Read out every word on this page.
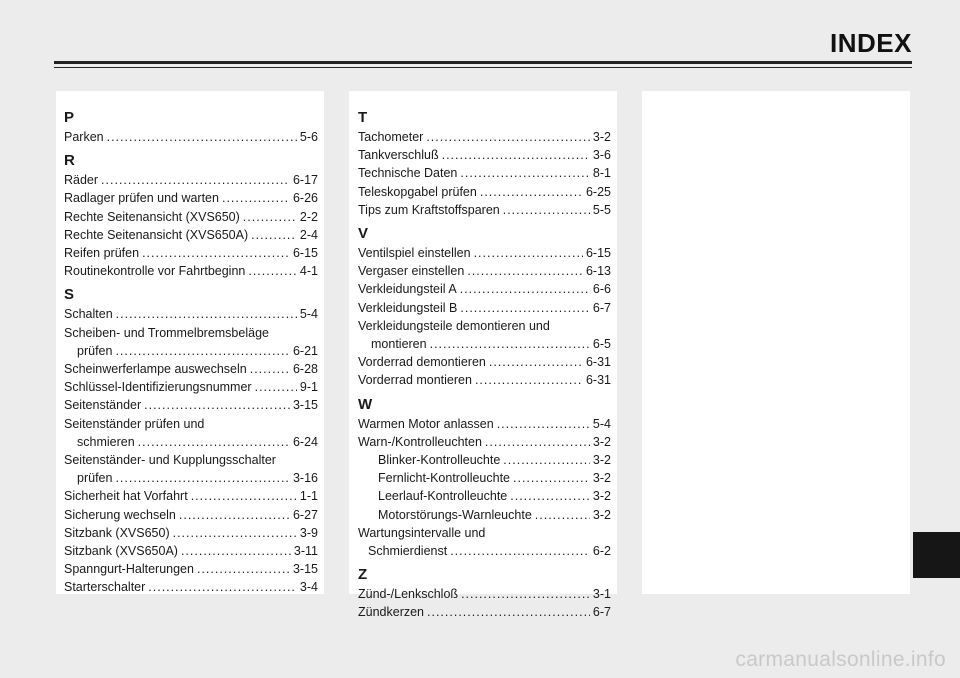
INDEX
P
Parken .....	5-6
R
Räder .....	6-17
Radlager prüfen und warten .....	6-26
Rechte Seitenansicht (XVS650) .....	2-2
Rechte Seitenansicht (XVS650A) .....	2-4
Reifen prüfen .....	6-15
Routinekontrolle vor Fahrtbeginn .....	4-1
S
Schalten .....	5-4
Scheiben- und Trommelbremsbeläge
prüfen .....	6-21
Scheinwerferlampe auswechseln .....	6-28
Schlüssel-Identifizierungsnummer .....	9-1
Seitenständer .....	3-15
Seitenständer prüfen und
schmieren .....	6-24
Seitenständer- und Kupplungsschalter
prüfen .....	3-16
Sicherheit hat Vorfahrt .....	1-1
Sicherung wechseln .....	6-27
Sitzbank (XVS650) .....	3-9
Sitzbank (XVS650A) .....	3-11
Spanngurt-Halterungen .....	3-15
Starterschalter .....	3-4
T
Tachometer .....	3-2
Tankverschluß .....	3-6
Technische Daten .....	8-1
Teleskopgabel prüfen .....	6-25
Tips zum Kraftstoffsparen .....	5-5
V
Ventilspiel einstellen .....	6-15
Vergaser einstellen .....	6-13
Verkleidungsteil A .....	6-6
Verkleidungsteil B .....	6-7
Verkleidungsteile demontieren und
montieren .....	6-5
Vorderrad demontieren .....	6-31
Vorderrad montieren .....	6-31
W
Warmen Motor anlassen .....	5-4
Warn-/Kontrolleuchten .....	3-2
Blinker-Kontrolleuchte .....	3-2
Fernlicht-Kontrolleuchte .....	3-2
Leerlauf-Kontrolleuchte .....	3-2
Motorstörungs-Warnleuchte .....	3-2
Wartungsintervalle und
Schmierdienst .....	6-2
Z
Zünd-/Lenkschloß .....	3-1
Zündkerzen .....	6-7
carmanualsonline.info
